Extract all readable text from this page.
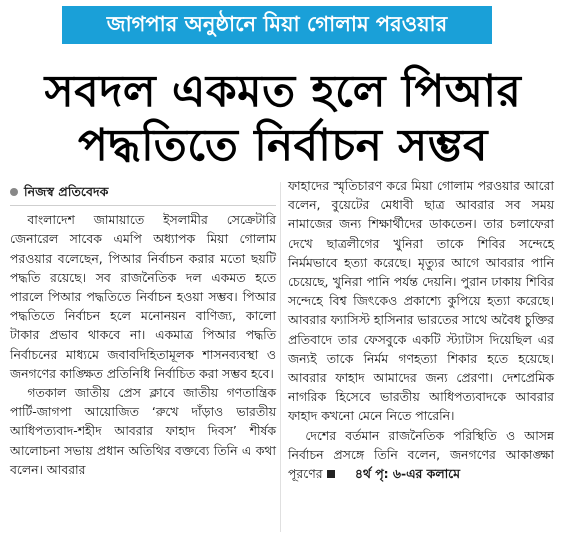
জাগপার অনুষ্ঠানে মিয়া গোলাম পরওয়ার
সবদল একমত হলে পিআর
পদ্ধতিতে নির্বাচন সম্ভব
নিজস্ব প্রতিবেদক

বাংলাদেশ জামায়াতে ইসলামীর সেক্রেটারি জেনারেল সাবেক এমপি অধ্যাপক মিয়া গোলাম পরওয়ার বলেছেন, পিআর নির্বাচন করার মতো ছয়টি পদ্ধতি রয়েছে। সব রাজনৈতিক দল একমত হতে পারলে পিআর পদ্ধতিতে নির্বাচন হওয়া সম্ভব। পিআর পদ্ধতিতে নির্বাচন হলে মনোনয়ন বাণিজ্য, কালো টাকার প্রভাব থাকবে না। একমাত্র পিআর পদ্ধতি নির্বাচনের মাধ্যমে জবাবদিহিতামূলক শাসনব্যবস্থা ও জনগণের কাঙ্ক্ষিত প্রতিনিধি নির্বাচিত করা সম্ভব হবে।

গতকাল জাতীয় প্রেস ক্লাবে জাতীয় গণতান্ত্রিক পার্টি-জাগপা আয়োজিত ‘রুখে দাঁড়াও ভারতীয় আধিপত্যবাদ-শহীদ আবরার ফাহাদ দিবস’ শীর্ষক আলোচনা সভায় প্রধান অতিথির বক্তব্যে তিনি এ কথা বলেন। আবরার

ফাহাদের স্মৃতিচারণ করে মিয়া গোলাম পরওয়ার আরো বলেন, বুয়েটের মেধাবী ছাত্র আবরার সব সময় নামাজের জন্য শিক্ষার্থীদের ডাকতেন। তার চলাফেরা দেখে ছাত্রলীগের খুনিরা তাকে শিবির সন্দেহে নির্মমভাবে হত্যা করেছে। মৃত্যুর আগে আবরার পানি চেয়েছে, খুনিরা পানি পর্যন্ত দেয়নি। পুরান ঢাকায় শিবির সন্দেহে বিশ্ব জিৎকেও প্রকাশ্যে কুপিয়ে হত্যা করেছে। আবরার ফ্যাসিস্ট হাসিনার ভারতের সাথে অবৈধ চুক্তির প্রতিবাদে তার ফেসবুকে একটি স্ট্যাটাস দিয়েছিল এর জন্যই তাকে নির্মম গণহত্যা শিকার হতে হয়েছে। আবরার ফাহাদ আমাদের জন্য প্রেরণা। দেশপ্রেমিক নাগরিক হিসেবে ভারতীয় আধিপত্যবাদকে আবরার ফাহাদ কখনো মেনে নিতে পারেনি।

দেশের বর্তমান রাজনৈতিক পরিস্থিতি ও আসন্ন নির্বাচন প্রসঙ্গে তিনি বলেন, জনগণের আকাঙ্ক্ষা পূরণের	৪র্থ পৃ: ৬-এর কলামে
